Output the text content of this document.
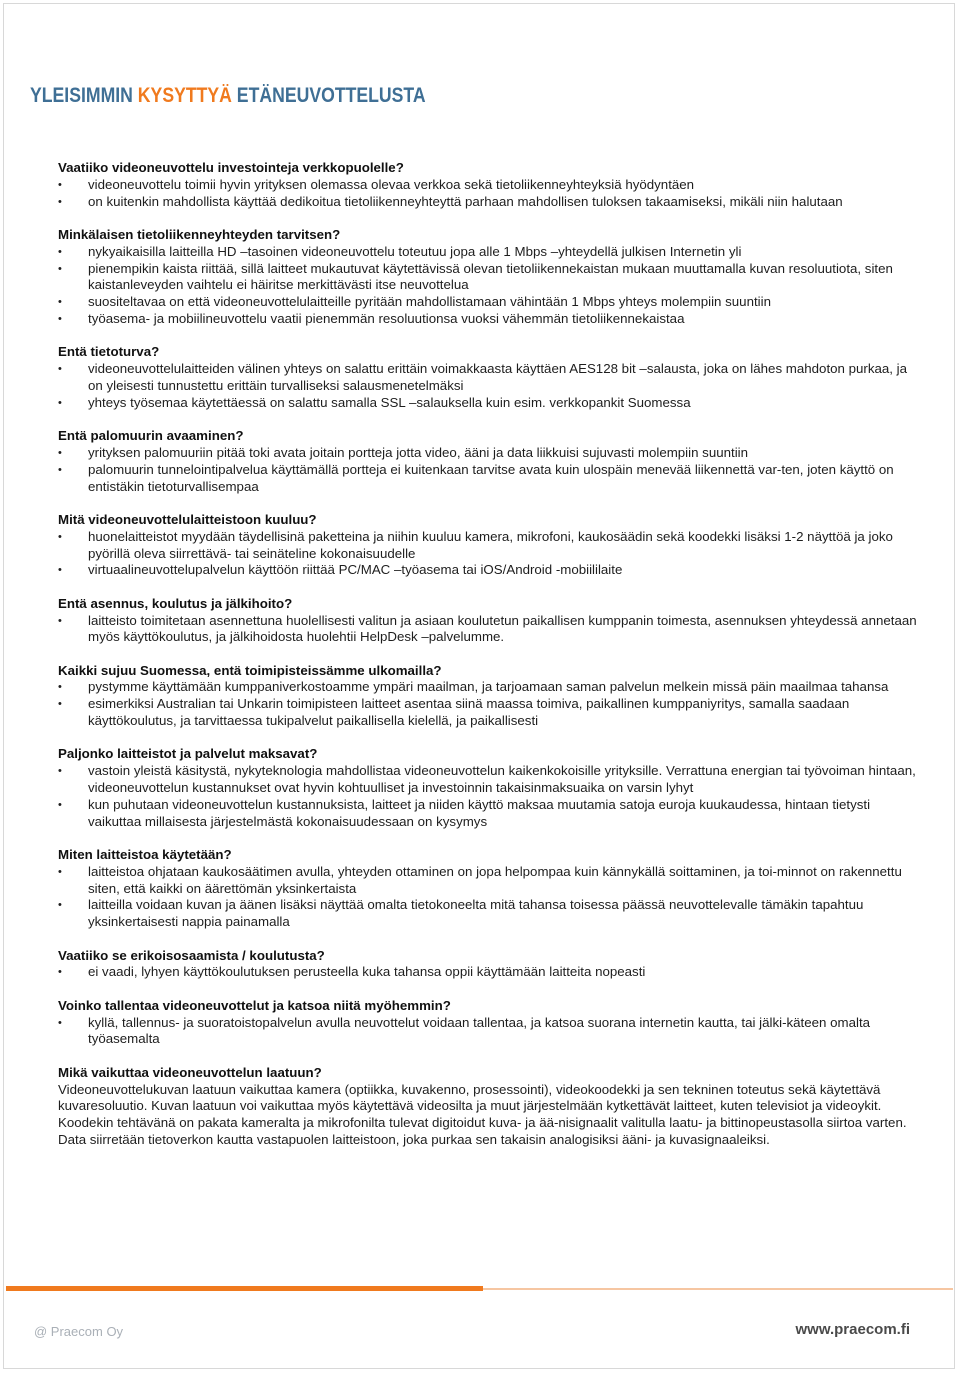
YLEISIMMIN KYSYTTYÄ ETÄNEUVOTTELUSTA

Vaatiiko videoneuvottelu investointeja verkkopuolelle?

• videoneuvottelu toimii hyvin yrityksen olemassa olevaa verkkoa sekä tietoliikenneyhteyksiä hyödyntäen
• on kuitenkin mahdollista käyttää dedikoitua tietoliikenneyhteyttä parhaan mahdollisen tuloksen takaamiseksi, mikäli niin halutaan

Minkälaisen tietoliikenneyhteyden tarvitsen?

• nykyaikaisilla laitteilla HD –tasoinen videoneuvottelu toteutuu jopa alle 1 Mbps –yhteydellä julkisen Internetin yli
• pienempikin kaista riittää, sillä laitteet mukautuvat käytettävissä olevan tietoliikennekaistan mukaan muuttamalla kuvan resoluutiota, siten kaistanleveyden vaihtelu ei häiritse merkittävästi itse neuvottelua
• suositeltavaa on että videoneuvottelulaitteille pyritään mahdollistamaan vähintään 1 Mbps yhteys molempiin suuntiin
• työasema- ja mobiilineuvottelu vaatii pienemmän resoluutionsa vuoksi vähemmän tietoliikennekaistaa

Entä tietoturva?

• videoneuvottelulaitteiden välinen yhteys on salattu erittäin voimakkaasta käyttäen AES128 bit –salausta, joka on lähes mahdoton purkaa, ja on yleisesti tunnustettu erittäin turvalliseksi salausmenetelmäksi
• yhteys työsemaa käytettäessä on salattu samalla SSL –salauksella kuin esim. verkkopankit Suomessa

Entä palomuurin avaaminen?

• yrityksen palomuuriin pitää toki avata joitain portteja jotta video, ääni ja data liikkuisi sujuvasti molempiin suuntiin
• palomuurin tunnelointipalvelua käyttämällä portteja ei kuitenkaan tarvitse avata kuin ulospäin menevää liikennettä var-ten, joten käyttö on entistäkin tietoturvallisempaa

Mitä videoneuvottelulaitteistoon kuuluu?

• huonelaitteistot myydään täydellisinä paketteina ja niihin kuuluu kamera, mikrofoni, kaukosäädin sekä koodekki lisäksi 1-2 näyttöä ja joko pyörillä oleva siirrettävä- tai seinäteline kokonaisuudelle
• virtuaalineuvottelupalvelun käyttöön riittää PC/MAC –työasema tai iOS/Android -mobiililaite

Entä asennus, koulutus ja jälkihoito?

• laitteisto toimitetaan asennettuna huolellisesti valitun ja asiaan koulutetun paikallisen kumppanin toimesta, asennuksen yhteydessä annetaan myös käyttökoulutus, ja jälkihoidosta huolehtii HelpDesk –palvelumme.

Kaikki sujuu Suomessa, entä toimipisteissämme ulkomailla?

• pystymme käyttämään kumppaniverkostoamme ympäri maailman, ja tarjoamaan saman palvelun melkein missä päin maailmaa tahansa
• esimerkiksi Australian tai Unkarin toimipisteen laitteet asentaa siinä maassa toimiva, paikallinen kumppaniyritys, samalla saadaan käyttökoulutus, ja tarvittaessa tukipalvelut paikallisella kielellä, ja paikallisesti

Paljonko laitteistot ja palvelut maksavat?

• vastoin yleistä käsitystä, nykyteknologia mahdollistaa videoneuvottelun kaikenkokoisille yrityksille. Verrattuna energian tai työvoiman hintaan, videoneuvottelun kustannukset ovat hyvin kohtuulliset ja investoinnin takaisinmaksuaika on varsin lyhyt
• kun puhutaan videoneuvottelun kustannuksista, laitteet ja niiden käyttö maksaa muutamia satoja euroja kuukaudessa, hintaan tietysti vaikuttaa millaisesta järjestelmästä kokonaisuudessaan on kysymys

Miten laitteistoa käytetään?

• laitteistoa ohjataan kaukosäätimen avulla, yhteyden ottaminen on jopa helpompaa kuin kännykällä soittaminen, ja toi-minnot on rakennettu siten, että kaikki on äärettömän yksinkertaista
• laitteilla voidaan kuvan ja äänen lisäksi näyttää omalta tietokoneelta mitä tahansa toisessa päässä neuvottelevalle tämäkin tapahtuu yksinkertaisesti nappia painamalla

Vaatiiko se erikoisosaamista / koulutusta?

• ei vaadi, lyhyen käyttökoulutuksen perusteella kuka tahansa oppii käyttämään laitteita nopeasti

Voinko tallentaa videoneuvottelut ja katsoa niitä myöhemmin?

• kyllä, tallennus- ja suoratoistopalvelun avulla neuvottelut voidaan tallentaa, ja katsoa suorana internetin kautta, tai jälki-käteen omalta työasemalta

Mikä vaikuttaa videoneuvottelun laatuun?

Videoneuvottelukuvan laatuun vaikuttaa kamera (optiikka, kuvakenno, prosessointi), videokoodekki ja sen tekninen toteutus sekä käytettävä kuvaresoluutio. Kuvan laatuun voi vaikuttaa myös käytettävä videosilta ja muut järjestelmään kytkettävät laitteet, kuten televisiot ja videoykit. Koodekin tehtävänä on pakata kameralta ja mikrofonilta tulevat digitoidut kuva- ja ää-nisignaalit valitulla laatu- ja bittinopeustasolla siirtoa varten. Data siirretään tietoverkon kautta vastapuolen laitteistoon, joka purkaa sen takaisin analogisiksi ääni- ja kuvasignaaleiksi.

@ Praecom Oy	www.praecom.fi
